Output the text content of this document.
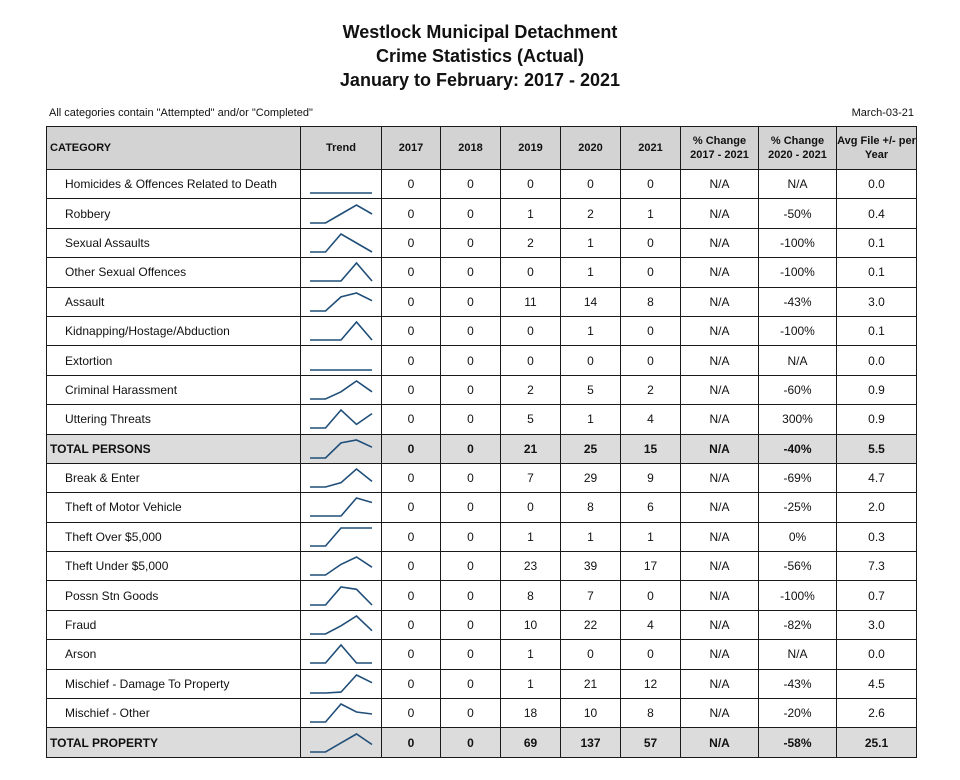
Westlock Municipal Detachment
Crime Statistics (Actual)
January to February: 2017 - 2021
All categories contain "Attempted" and/or "Completed"	March-03-21
CATEGORY	Trend	2017	2018	2019	2020	2021	% Change 2017 - 2021	% Change 2020 - 2021	Avg File +/- per Year
Homicides & Offences Related to Death		0	0	0	0	0	N/A	N/A	0.0
Robbery		0	0	1	2	1	N/A	-50%	0.4
Sexual Assaults		0	0	2	1	0	N/A	-100%	0.1
Other Sexual Offences		0	0	0	1	0	N/A	-100%	0.1
Assault		0	0	11	14	8	N/A	-43%	3.0
Kidnapping/Hostage/Abduction		0	0	0	1	0	N/A	-100%	0.1
Extortion		0	0	0	0	0	N/A	N/A	0.0
Criminal Harassment		0	0	2	5	2	N/A	-60%	0.9
Uttering Threats		0	0	5	1	4	N/A	300%	0.9
TOTAL PERSONS		0	0	21	25	15	N/A	-40%	5.5
Break & Enter		0	0	7	29	9	N/A	-69%	4.7
Theft of Motor Vehicle		0	0	0	8	6	N/A	-25%	2.0
Theft Over $5,000		0	0	1	1	1	N/A	0%	0.3
Theft Under $5,000		0	0	23	39	17	N/A	-56%	7.3
Possn Stn Goods		0	0	8	7	0	N/A	-100%	0.7
Fraud		0	0	10	22	4	N/A	-82%	3.0
Arson		0	0	1	0	0	N/A	N/A	0.0
Mischief - Damage To Property		0	0	1	21	12	N/A	-43%	4.5
Mischief - Other		0	0	18	10	8	N/A	-20%	2.6
TOTAL PROPERTY		0	0	69	137	57	N/A	-58%	25.1
